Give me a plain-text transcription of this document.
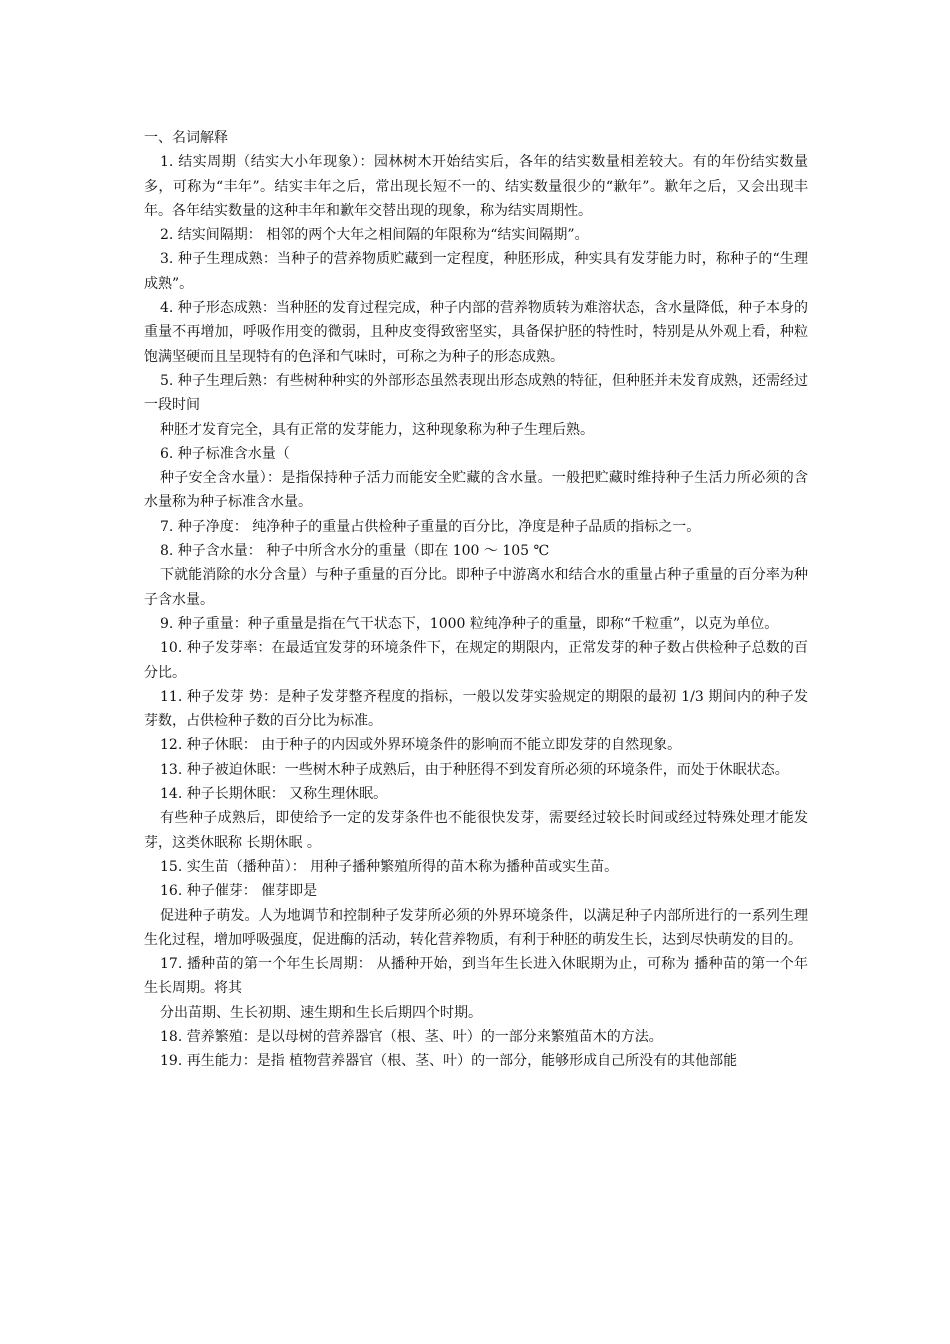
一、名词解释

1. 结实周期（结实大小年现象）：园林树木开始结实后，各年的结实数量相差较大。有的年份结实数量多，可称为“丰年”。结实丰年之后，常出现长短不一的、结实数量很少的“歉年”。歉年之后，又会出现丰年。各年结实数量的这种丰年和歉年交替出现的现象，称为结实周期性。

2. 结实间隔期： 相邻的两个大年之相间隔的年限称为“结实间隔期”。

3. 种子生理成熟：当种子的营养物质贮藏到一定程度，种胚形成，种实具有发芽能力时，称种子的“生理成熟”。

4. 种子形态成熟：当种胚的发育过程完成，种子内部的营养物质转为难溶状态，含水量降低，种子本身的重量不再增加，呼吸作用变的微弱，且种皮变得致密坚实，具备保护胚的特性时，特别是从外观上看，种粒饱满坚硬而且呈现特有的色泽和气味时，可称之为种子的形态成熟。

5. 种子生理后熟：有些树种种实的外部形态虽然表现出形态成熟的特征，但种胚并未发育成熟，还需经过一段时间

种胚才发育完全，具有正常的发芽能力，这种现象称为种子生理后熟。

6. 种子标准含水量（

种子安全含水量）：是指保持种子活力而能安全贮藏的含水量。一般把贮藏时维持种子生活力所必须的含水量称为种子标准含水量。

7. 种子净度： 纯净种子的重量占供检种子重量的百分比，净度是种子品质的指标之一。

8. 种子含水量： 种子中所含水分的重量（即在 100 ～ 105 ℃

下就能消除的水分含量）与种子重量的百分比。即种子中游离水和结合水的重量占种子重量的百分率为种子含水量。

9. 种子重量：种子重量是指在气干状态下，1000 粒纯净种子的重量，即称“千粒重”，以克为单位。

10. 种子发芽率：在最适宜发芽的环境条件下，在规定的期限内，正常发芽的种子数占供检种子总数的百分比。

11. 种子发芽 势：是种子发芽整齐程度的指标，一般以发芽实验规定的期限的最初 1/3 期间内的种子发芽数，占供检种子数的百分比为标准。

12. 种子休眠： 由于种子的内因或外界环境条件的影响而不能立即发芽的自然现象。

13. 种子被迫休眠：一些树木种子成熟后，由于种胚得不到发育所必须的环境条件，而处于休眠状态。

14. 种子长期休眠： 又称生理休眠。

有些种子成熟后，即使给予一定的发芽条件也不能很快发芽，需要经过较长时间或经过特殊处理才能发芽，这类休眠称 长期休眠 。

15. 实生苗（播种苗）： 用种子播种繁殖所得的苗木称为播种苗或实生苗。

16. 种子催芽： 催芽即是

促进种子萌发。人为地调节和控制种子发芽所必须的外界环境条件，以满足种子内部所进行的一系列生理生化过程，增加呼吸强度，促进酶的活动，转化营养物质，有利于种胚的萌发生长，达到尽快萌发的目的。

17. 播种苗的第一个年生长周期： 从播种开始，到当年生长进入休眠期为止，可称为 播种苗的第一个年生长周期。将其

分出苗期、生长初期、速生期和生长后期四个时期。

18. 营养繁殖：是以母树的营养器官（根、茎、叶）的一部分来繁殖苗木的方法。

19. 再生能力：是指 植物营养器官（根、茎、叶）的一部分，能够形成自己所没有的其他部能
